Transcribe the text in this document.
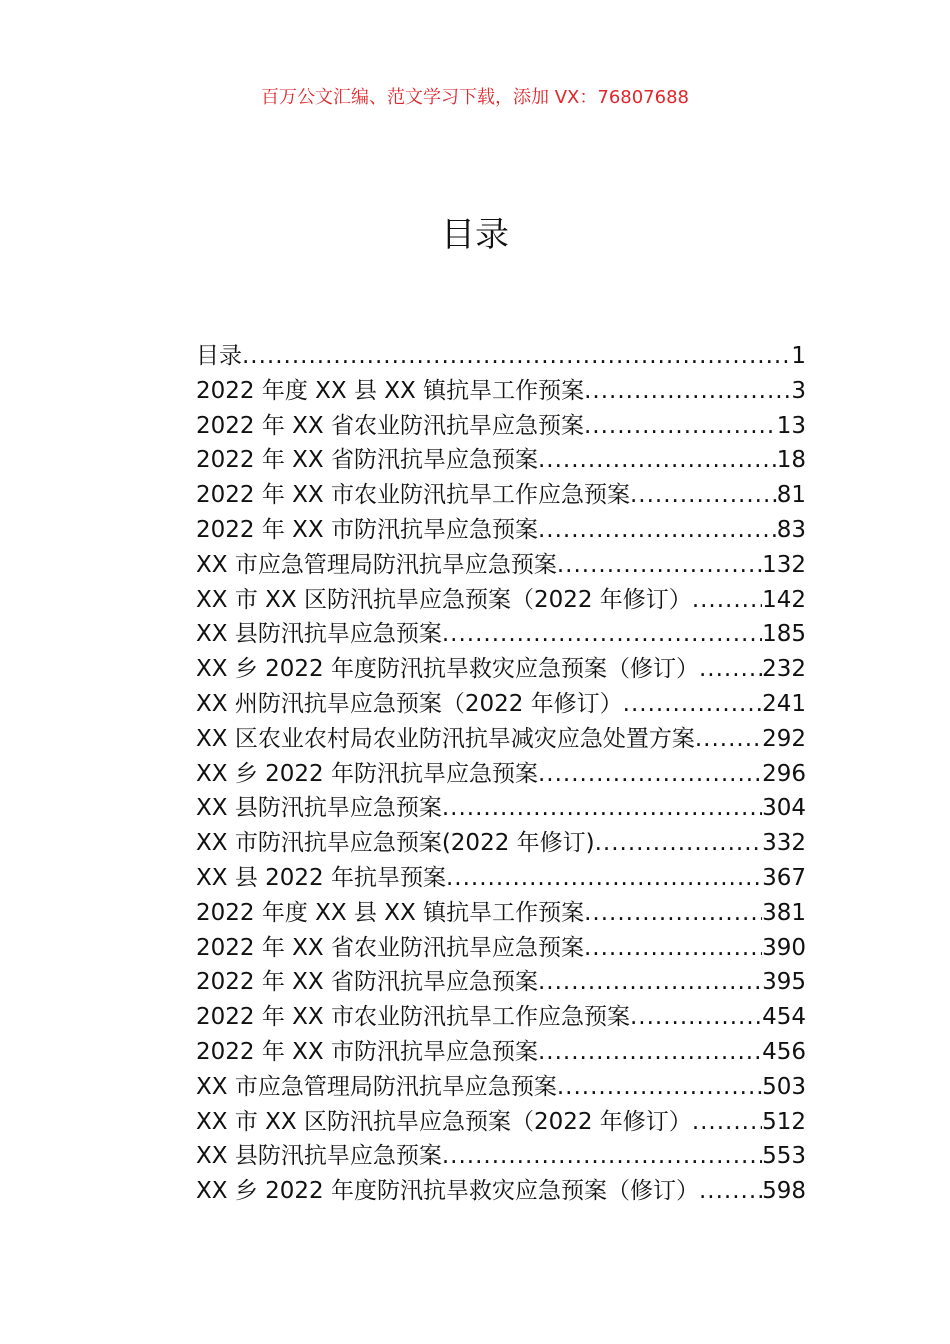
百万公文汇编、范文学习下载，添加 VX：76807688
目录
目录 .....	1
2022 年度 XX 县 XX 镇抗旱工作预案 .....	3
2022 年 XX 省农业防汛抗旱应急预案 .....	13
2022 年 XX 省防汛抗旱应急预案 .....	18
2022 年 XX 市农业防汛抗旱工作应急预案 .....	81
2022 年 XX 市防汛抗旱应急预案 .....	83
XX 市应急管理局防汛抗旱应急预案 .....	132
XX 市 XX 区防汛抗旱应急预案（2022 年修订） .....	142
XX 县防汛抗旱应急预案 .....	185
XX 乡 2022 年度防汛抗旱救灾应急预案（修订） .....	232
XX 州防汛抗旱应急预案（2022 年修订） .....	241
XX 区农业农村局农业防汛抗旱减灾应急处置方案 .....	292
XX 乡 2022 年防汛抗旱应急预案 .....	296
XX 县防汛抗旱应急预案 .....	304
XX 市防汛抗旱应急预案(2022 年修订) .....	332
XX 县 2022 年抗旱预案 .....	367
2022 年度 XX 县 XX 镇抗旱工作预案 .....	381
2022 年 XX 省农业防汛抗旱应急预案 .....	390
2022 年 XX 省防汛抗旱应急预案 .....	395
2022 年 XX 市农业防汛抗旱工作应急预案 .....	454
2022 年 XX 市防汛抗旱应急预案 .....	456
XX 市应急管理局防汛抗旱应急预案 .....	503
XX 市 XX 区防汛抗旱应急预案（2022 年修订） .....	512
XX 县防汛抗旱应急预案 .....	553
XX 乡 2022 年度防汛抗旱救灾应急预案（修订） .....	598
